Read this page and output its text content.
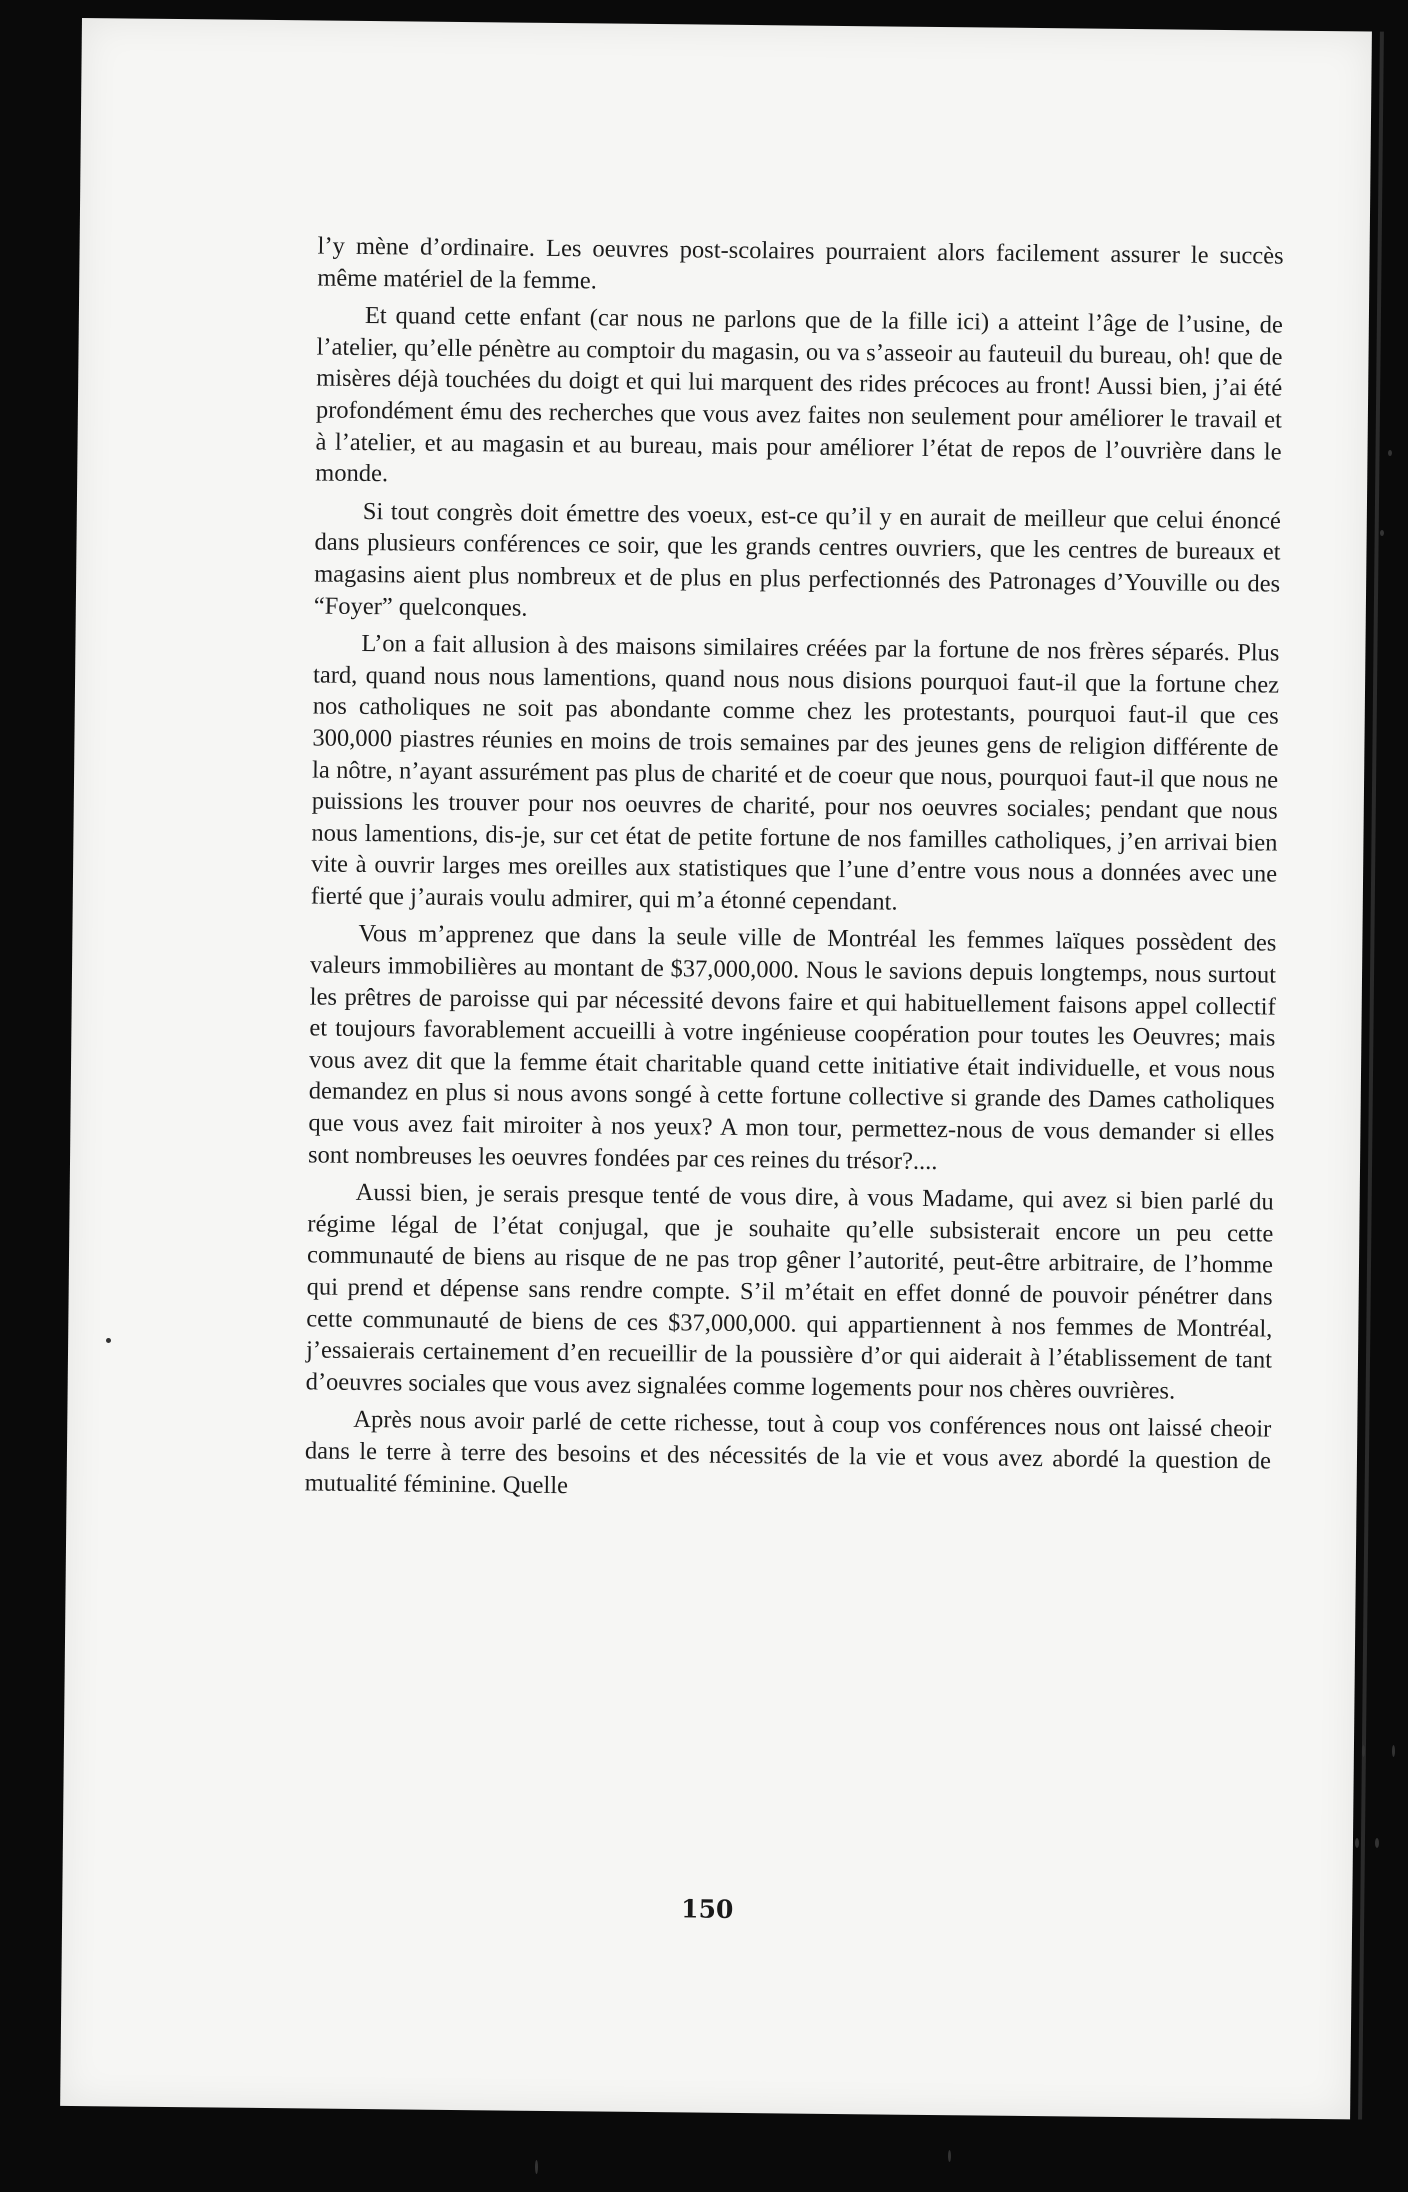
l’y mène d’ordinaire. Les oeuvres post-scolaires pourraient alors facilement assurer le succès même matériel de la femme.

Et quand cette enfant (car nous ne parlons que de la fille ici) a atteint l’âge de l’usine, de l’atelier, qu’elle pénètre au comptoir du magasin, ou va s’asseoir au fauteuil du bureau, oh! que de misères déjà touchées du doigt et qui lui marquent des rides précoces au front! Aussi bien, j’ai été profondément ému des recherches que vous avez faites non seulement pour améliorer le travail et à l’atelier, et au magasin et au bureau, mais pour améliorer l’état de repos de l’ouvrière dans le monde.

Si tout congrès doit émettre des voeux, est-ce qu’il y en aurait de meilleur que celui énoncé dans plusieurs conférences ce soir, que les grands centres ouvriers, que les centres de bureaux et magasins aient plus nombreux et de plus en plus perfectionnés des Patronages d’Youville ou des “Foyer” quelconques.

L’on a fait allusion à des maisons similaires créées par la fortune de nos frères séparés. Plus tard, quand nous nous lamentions, quand nous nous disions pourquoi faut-il que la fortune chez nos catholiques ne soit pas abondante comme chez les protestants, pourquoi faut-il que ces 300,000 piastres réunies en moins de trois semaines par des jeunes gens de religion différente de la nôtre, n’ayant assurément pas plus de charité et de coeur que nous, pourquoi faut-il que nous ne puissions les trouver pour nos oeuvres de charité, pour nos oeuvres sociales; pendant que nous nous lamentions, dis-je, sur cet état de petite fortune de nos familles catholiques, j’en arrivai bien vite à ouvrir larges mes oreilles aux statistiques que l’une d’entre vous nous a données avec une fierté que j’aurais voulu admirer, qui m’a étonné cependant.

Vous m’apprenez que dans la seule ville de Montréal les femmes laïques possèdent des valeurs immobilières au montant de $37,000,000. Nous le savions depuis longtemps, nous surtout les prêtres de paroisse qui par nécessité devons faire et qui habituellement faisons appel collectif et toujours favorablement accueilli à votre ingénieuse coopération pour toutes les Oeuvres; mais vous avez dit que la femme était charitable quand cette initiative était individuelle, et vous nous demandez en plus si nous avons songé à cette fortune collective si grande des Dames catholiques que vous avez fait miroiter à nos yeux? A mon tour, permettez-nous de vous demander si elles sont nombreuses les oeuvres fondées par ces reines du trésor?....

Aussi bien, je serais presque tenté de vous dire, à vous Madame, qui avez si bien parlé du régime légal de l’état conjugal, que je souhaite qu’elle subsisterait encore un peu cette communauté de biens au risque de ne pas trop gêner l’autorité, peut-être arbitraire, de l’homme qui prend et dépense sans rendre compte. S’il m’était en effet donné de pouvoir pénétrer dans cette communauté de biens de ces $37,000,000. qui appartiennent à nos femmes de Montréal, j’essaierais certainement d’en recueillir de la poussière d’or qui aiderait à l’établissement de tant d’oeuvres sociales que vous avez signalées comme logements pour nos chères ouvrières.

Après nous avoir parlé de cette richesse, tout à coup vos conférences nous ont laissé cheoir dans le terre à terre des besoins et des nécessités de la vie et vous avez abordé la question de mutualité féminine. Quelle

150
